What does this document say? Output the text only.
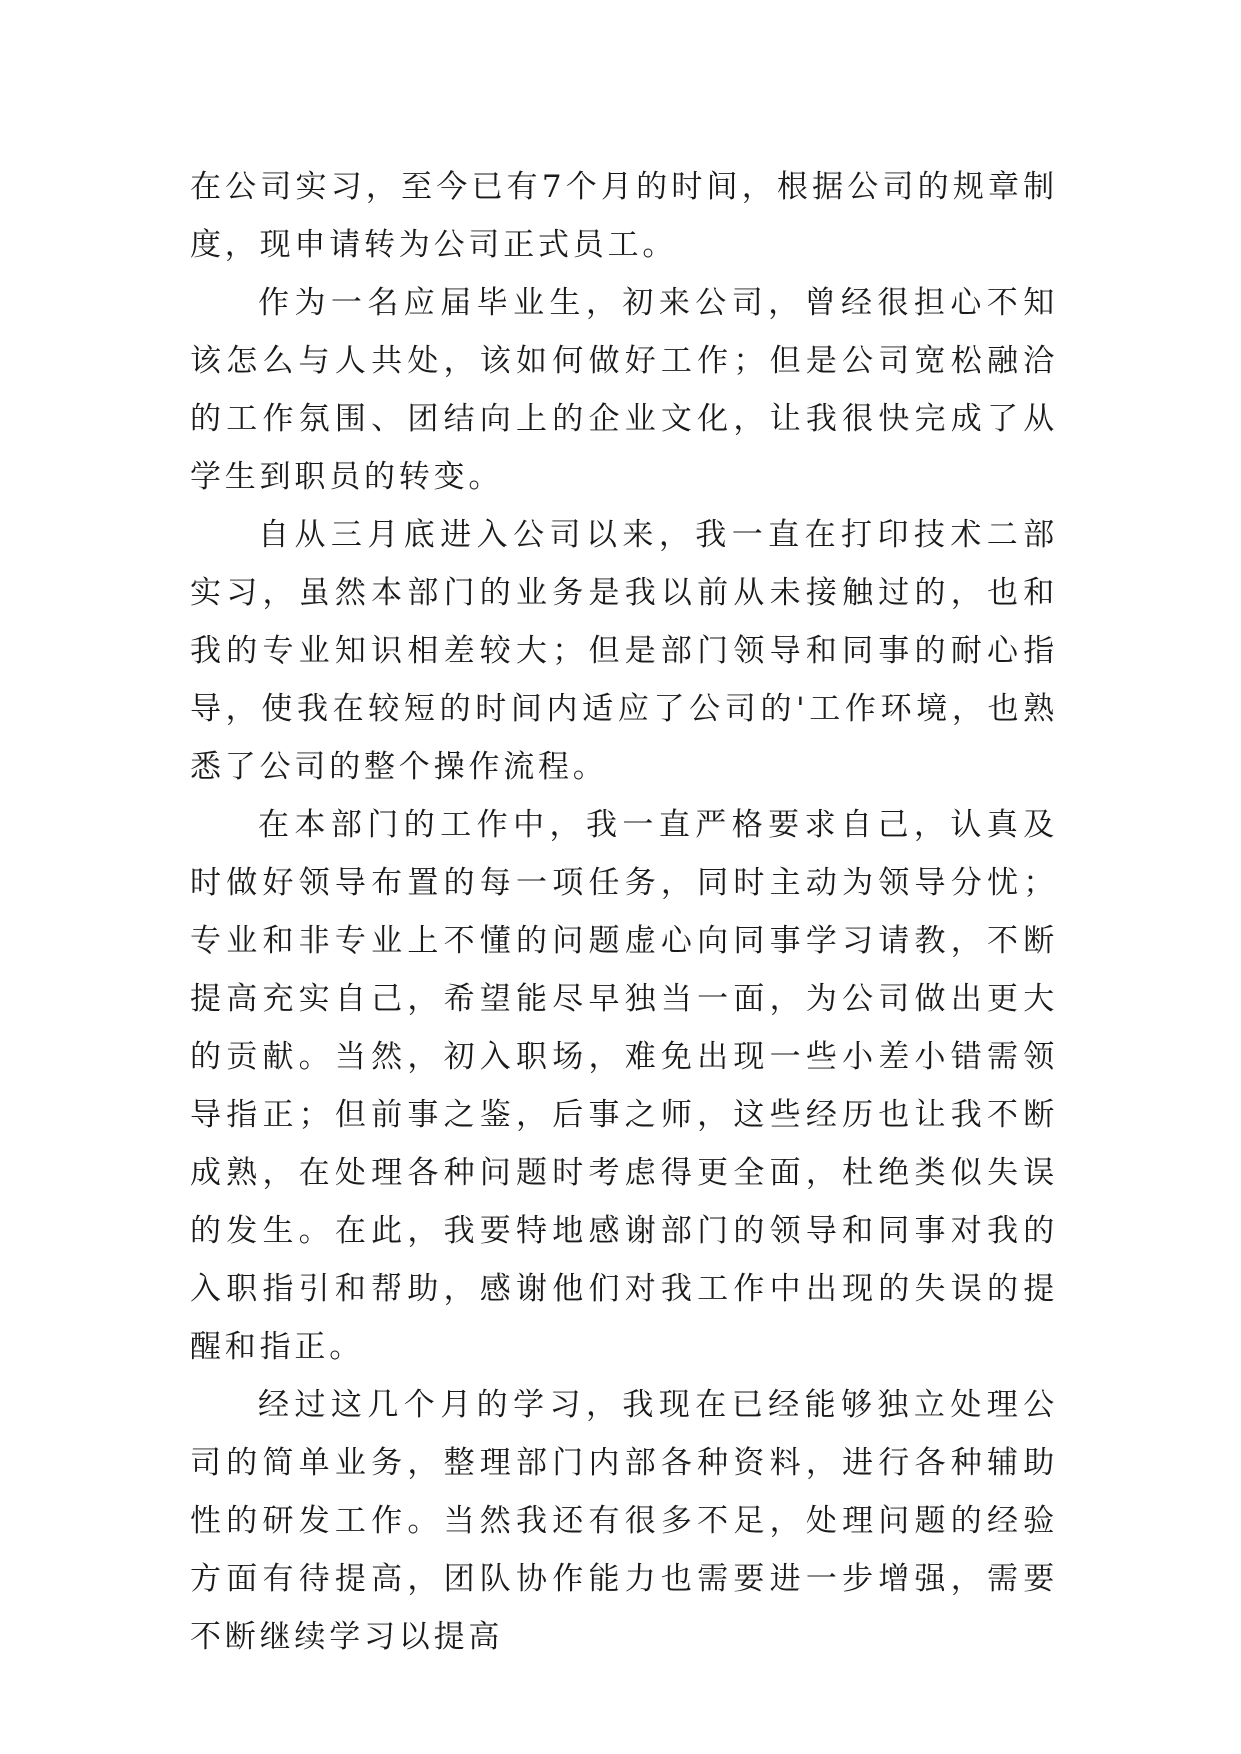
在公司实习，至今已有7个月的时间，根据公司的规章制度，现申请转为公司正式员工。

作为一名应届毕业生，初来公司，曾经很担心不知该怎么与人共处，该如何做好工作；但是公司宽松融洽的工作氛围、团结向上的企业文化，让我很快完成了从学生到职员的转变。

自从三月底进入公司以来，我一直在打印技术二部实习，虽然本部门的业务是我以前从未接触过的，也和我的专业知识相差较大；但是部门领导和同事的耐心指导，使我在较短的时间内适应了公司的'工作环境，也熟悉了公司的整个操作流程。

在本部门的工作中，我一直严格要求自己，认真及时做好领导布置的每一项任务，同时主动为领导分忧；专业和非专业上不懂的问题虚心向同事学习请教，不断提高充实自己，希望能尽早独当一面，为公司做出更大的贡献。当然，初入职场，难免出现一些小差小错需领导指正；但前事之鉴，后事之师，这些经历也让我不断成熟，在处理各种问题时考虑得更全面，杜绝类似失误的发生。在此，我要特地感谢部门的领导和同事对我的入职指引和帮助，感谢他们对我工作中出现的失误的提醒和指正。

经过这几个月的学习，我现在已经能够独立处理公司的简单业务，整理部门内部各种资料，进行各种辅助性的研发工作。当然我还有很多不足，处理问题的经验方面有待提高，团队协作能力也需要进一步增强，需要不断继续学习以提高
